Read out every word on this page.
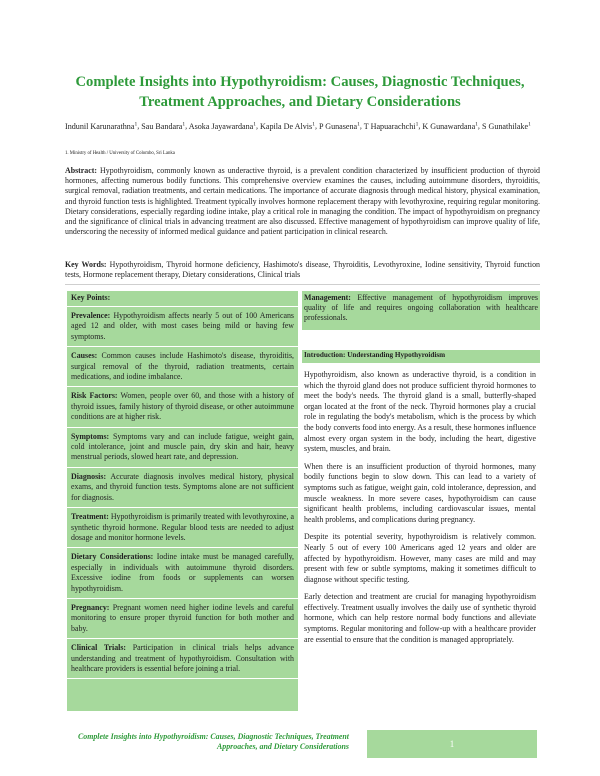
Complete Insights into Hypothyroidism: Causes, Diagnostic Techniques, Treatment Approaches, and Dietary Considerations
Indunil Karunarathna$^1$, Sau Bandara$^1$, Asoka Jayawardana$^1$, Kapila De Alvis$^1$, P Gunasena$^1$, T Hapuarachchi$^1$, K Gunawardana$^1$, S Gunathilake$^1$
1. Ministry of Health / University of Colombo, Sri Lanka

Abstract: Hypothyroidism, commonly known as underactive thyroid, is a prevalent condition characterized by insufficient production of thyroid hormones, affecting numerous bodily functions. This comprehensive overview examines the causes, including autoimmune disorders, thyroiditis, surgical removal, radiation treatments, and certain medications. The importance of accurate diagnosis through medical history, physical examination, and thyroid function tests is highlighted. Treatment typically involves hormone replacement therapy with levothyroxine, requiring regular monitoring. Dietary considerations, especially regarding iodine intake, play a critical role in managing the condition. The impact of hypothyroidism on pregnancy and the significance of clinical trials in advancing treatment are also discussed. Effective management of hypothyroidism can improve quality of life, underscoring the necessity of informed medical guidance and patient participation in clinical research.

Key Words: Hypothyroidism, Thyroid hormone deficiency, Hashimoto's disease, Thyroiditis, Levothyroxine, Iodine sensitivity, Thyroid function tests, Hormone replacement therapy, Dietary considerations, Clinical trials

Key Points:
Prevalence: Hypothyroidism affects nearly 5 out of 100 Americans aged 12 and older, with most cases being mild or having few symptoms.
Causes: Common causes include Hashimoto's disease, thyroiditis, surgical removal of the thyroid, radiation treatments, certain medications, and iodine imbalance.
Risk Factors: Women, people over 60, and those with a history of thyroid issues, family history of thyroid disease, or other autoimmune conditions are at higher risk.
Symptoms: Symptoms vary and can include fatigue, weight gain, cold intolerance, joint and muscle pain, dry skin and hair, heavy menstrual periods, slowed heart rate, and depression.
Diagnosis: Accurate diagnosis involves medical history, physical exams, and thyroid function tests. Symptoms alone are not sufficient for diagnosis.
Treatment: Hypothyroidism is primarily treated with levothyroxine, a synthetic thyroid hormone. Regular blood tests are needed to adjust dosage and monitor hormone levels.
Dietary Considerations: Iodine intake must be managed carefully, especially in individuals with autoimmune thyroid disorders. Excessive iodine from foods or supplements can worsen hypothyroidism.
Pregnancy: Pregnant women need higher iodine levels and careful monitoring to ensure proper thyroid function for both mother and baby.
Clinical Trials: Participation in clinical trials helps advance understanding and treatment of hypothyroidism. Consultation with healthcare providers is essential before joining a trial.
Management: Effective management of hypothyroidism improves quality of life and requires ongoing collaboration with healthcare professionals.
Introduction: Understanding Hypothyroidism

Hypothyroidism, also known as underactive thyroid, is a condition in which the thyroid gland does not produce sufficient thyroid hormones to meet the body's needs. The thyroid gland is a small, butterfly-shaped organ located at the front of the neck. Thyroid hormones play a crucial role in regulating the body's metabolism, which is the process by which the body converts food into energy. As a result, these hormones influence almost every organ system in the body, including the heart, digestive system, muscles, and brain.

When there is an insufficient production of thyroid hormones, many bodily functions begin to slow down. This can lead to a variety of symptoms such as fatigue, weight gain, cold intolerance, depression, and muscle weakness. In more severe cases, hypothyroidism can cause significant health problems, including cardiovascular issues, mental health problems, and complications during pregnancy.

Despite its potential severity, hypothyroidism is relatively common. Nearly 5 out of every 100 Americans aged 12 years and older are affected by hypothyroidism. However, many cases are mild and may present with few or subtle symptoms, making it sometimes difficult to diagnose without specific testing.

Early detection and treatment are crucial for managing hypothyroidism effectively. Treatment usually involves the daily use of synthetic thyroid hormone, which can help restore normal body functions and alleviate symptoms. Regular monitoring and follow-up with a healthcare provider are essential to ensure that the condition is managed appropriately.

Complete Insights into Hypothyroidism: Causes, Diagnostic Techniques, Treatment Approaches, and Dietary Considerations	1
